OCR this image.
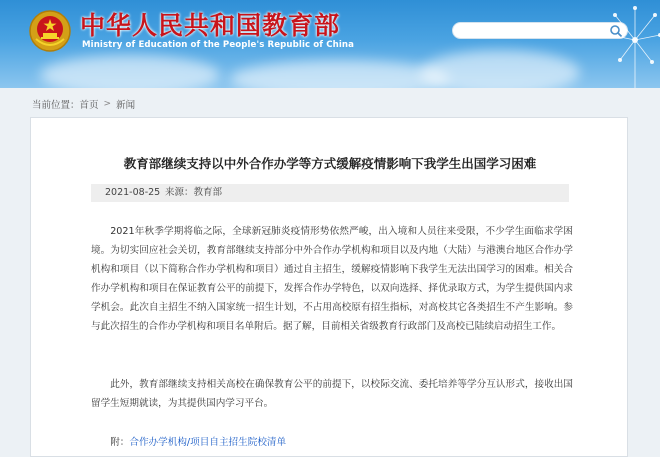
中华人民共和国教育部
Ministry of Education of the People's Republic of China
当前位置： 首页 > 新闻
教育部继续支持以中外合作办学等方式缓解疫情影响下我学生出国学习困难
2021-08-25 来源：教育部

2021年秋季学期将临之际，全球新冠肺炎疫情形势依然严峻，出入境和人员往来受限，不少学生面临求学困境。为切实回应社会关切，教育部继续支持部分中外合作办学机构和项目以及内地（大陆）与港澳台地区合作办学机构和项目（以下简称合作办学机构和项目）通过自主招生，缓解疫情影响下我学生无法出国学习的困难。相关合作办学机构和项目在保证教育公平的前提下，发挥合作办学特色，以双向选择、择优录取方式，为学生提供国内求学机会。此次自主招生不纳入国家统一招生计划，不占用高校原有招生指标，对高校其它各类招生不产生影响。参与此次招生的合作办学机构和项目名单附后。据了解，目前相关省级教育行政部门及高校已陆续启动招生工作。

此外，教育部继续支持相关高校在确保教育公平的前提下，以校际交流、委托培养等学分互认形式，接收出国留学生短期就读，为其提供国内学习平台。

附：合作办学机构/项目自主招生院校清单
